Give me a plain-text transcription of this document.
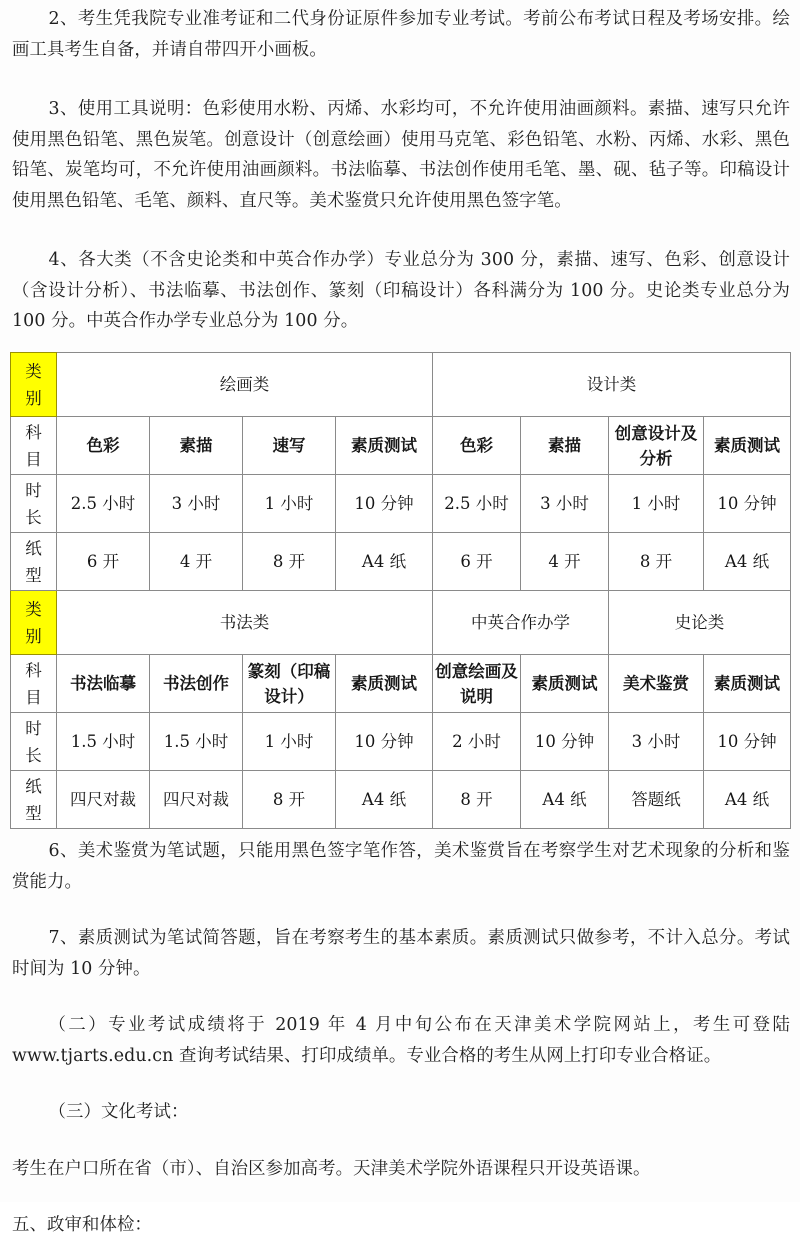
2、考生凭我院专业准考证和二代身份证原件参加专业考试。考前公布考试日程及考场安排。绘画工具考生自备，并请自带四开小画板。

3、使用工具说明：色彩使用水粉、丙烯、水彩均可，不允许使用油画颜料。素描、速写只允许使用黑色铅笔、黑色炭笔。创意设计（创意绘画）使用马克笔、彩色铅笔、水粉、丙烯、水彩、黑色铅笔、炭笔均可，不允许使用油画颜料。书法临摹、书法创作使用毛笔、墨、砚、毡子等。印稿设计使用黑色铅笔、毛笔、颜料、直尺等。美术鉴赏只允许使用黑色签字笔。

4、各大类（不含史论类和中英合作办学）专业总分为 300 分，素描、速写、色彩、创意设计（含设计分析）、书法临摹、书法创作、篆刻（印稿设计）各科满分为 100 分。史论类专业总分为 100 分。中英合作办学专业总分为 100 分。

类
别	绘画类				设计类			

科
目	色彩	素描	速写	素质测试	色彩	素描	创意设计及分析	素质测试

时
长	2.5 小时	3 小时	1 小时	10 分钟	2.5 小时	3 小时	1 小时	10 分钟

纸
型	6 开	4 开	8 开	A4 纸	6 开	4 开	8 开	A4 纸

类
别	书法类				中英合作办学		史论类	

科
目	书法临摹	书法创作	篆刻（印稿设计）	素质测试	创意绘画及说明	素质测试	美术鉴赏	素质测试

时
长	1.5 小时	1.5 小时	1 小时	10 分钟	2 小时	10 分钟	3 小时	10 分钟

纸
型	四尺对裁	四尺对裁	8 开	A4 纸	8 开	A4 纸	答题纸	A4 纸

6、美术鉴赏为笔试题，只能用黑色签字笔作答，美术鉴赏旨在考察学生对艺术现象的分析和鉴赏能力。

7、素质测试为笔试简答题，旨在考察考生的基本素质。素质测试只做参考，不计入总分。考试时间为 10 分钟。

（二）专业考试成绩将于 2019 年 4 月中旬公布在天津美术学院网站上，考生可登陆 www.tjarts.edu.cn 查询考试结果、打印成绩单。专业合格的考生从网上打印专业合格证。

（三）文化考试：

考生在户口所在省（市）、自治区参加高考。天津美术学院外语课程只开设英语课。

五、政审和体检：
